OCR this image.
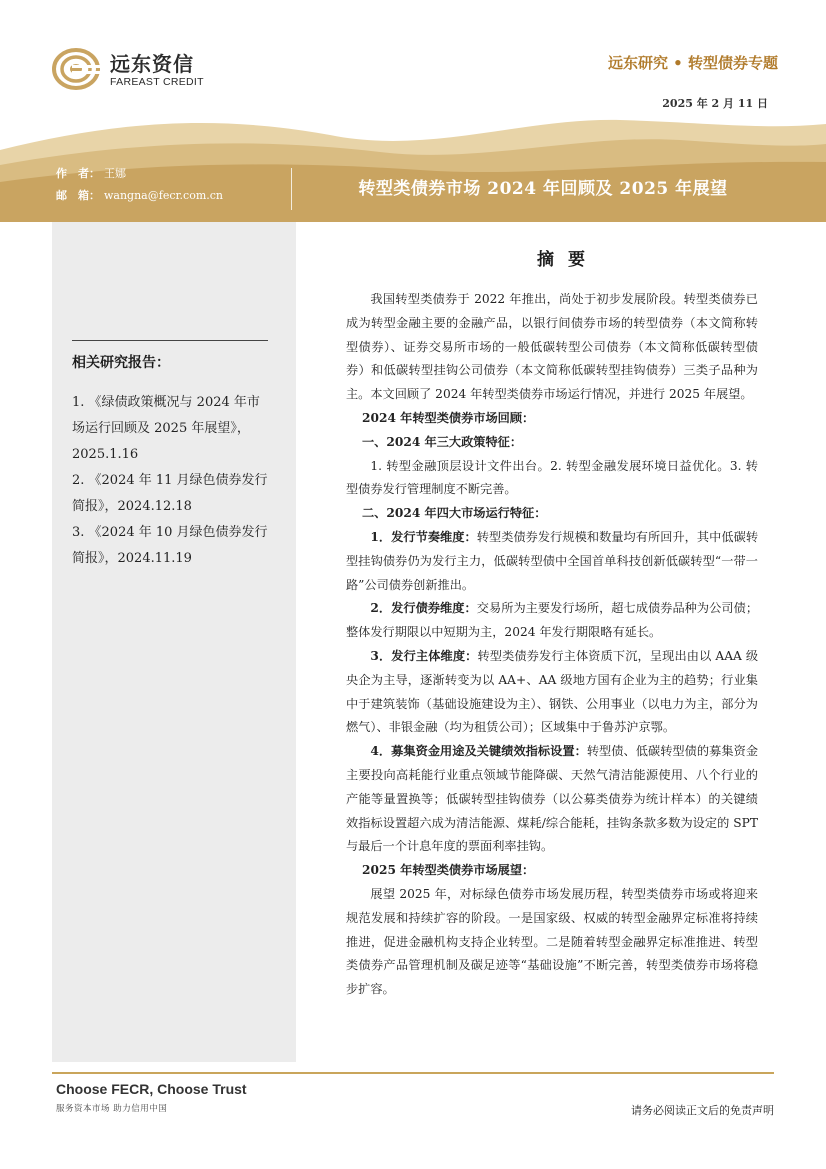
远东资信
FAREAST CREDIT
远东研究 • 转型债券专题
2025 年 2 月 11 日
作　者： 王娜
邮　箱： wangna@fecr.com.cn	转型类债券市场 2024 年回顾及 2025 年展望
相关研究报告：
1. 《绿债政策概况与 2024 年市场运行回顾及 2025 年展望》，2025.1.16
2. 《2024 年 11 月绿色债券发行简报》，2024.12.18
3. 《2024 年 10 月绿色债券发行简报》，2024.11.19
摘 要

我国转型类债券于 2022 年推出，尚处于初步发展阶段。转型类债券已成为转型金融主要的金融产品，以银行间债券市场的转型债券（本文简称转型债券）、证券交易所市场的一般低碳转型公司债券（本文简称低碳转型债券）和低碳转型挂钩公司债券（本文简称低碳转型挂钩债券）三类子品种为主。本文回顾了 2024 年转型类债券市场运行情况，并进行 2025 年展望。

2024 年转型类债券市场回顾：

一、2024 年三大政策特征：

1. 转型金融顶层设计文件出台。2. 转型金融发展环境日益优化。3. 转型债券发行管理制度不断完善。

二、2024 年四大市场运行特征：

1．发行节奏维度：转型类债券发行规模和数量均有所回升，其中低碳转型挂钩债券仍为发行主力，低碳转型债中全国首单科技创新低碳转型“一带一路”公司债券创新推出。

2．发行债券维度：交易所为主要发行场所，超七成债券品种为公司债；整体发行期限以中短期为主，2024 年发行期限略有延长。

3．发行主体维度：转型类债券发行主体资质下沉，呈现出由以 AAA 级央企为主导，逐渐转变为以 AA+、AA 级地方国有企业为主的趋势；行业集中于建筑装饰（基础设施建设为主）、钢铁、公用事业（以电力为主，部分为燃气）、非银金融（均为租赁公司）；区域集中于鲁苏沪京鄂。

4．募集资金用途及关键绩效指标设置：转型债、低碳转型债的募集资金主要投向高耗能行业重点领域节能降碳、天然气清洁能源使用、八个行业的产能等量置换等；低碳转型挂钩债券（以公募类债券为统计样本）的关键绩效指标设置超六成为清洁能源、煤耗/综合能耗，挂钩条款多数为设定的 SPT 与最后一个计息年度的票面利率挂钩。

2025 年转型类债券市场展望：

展望 2025 年，对标绿色债券市场发展历程，转型类债券市场或将迎来规范发展和持续扩容的阶段。一是国家级、权威的转型金融界定标准将持续推进，促进金融机构支持企业转型。二是随着转型金融界定标准推进、转型类债券产品管理机制及碳足迹等“基础设施”不断完善，转型类债券市场将稳步扩容。

Choose FECR, Choose Trust
服务资本市场 助力信用中国	请务必阅读正文后的免责声明
